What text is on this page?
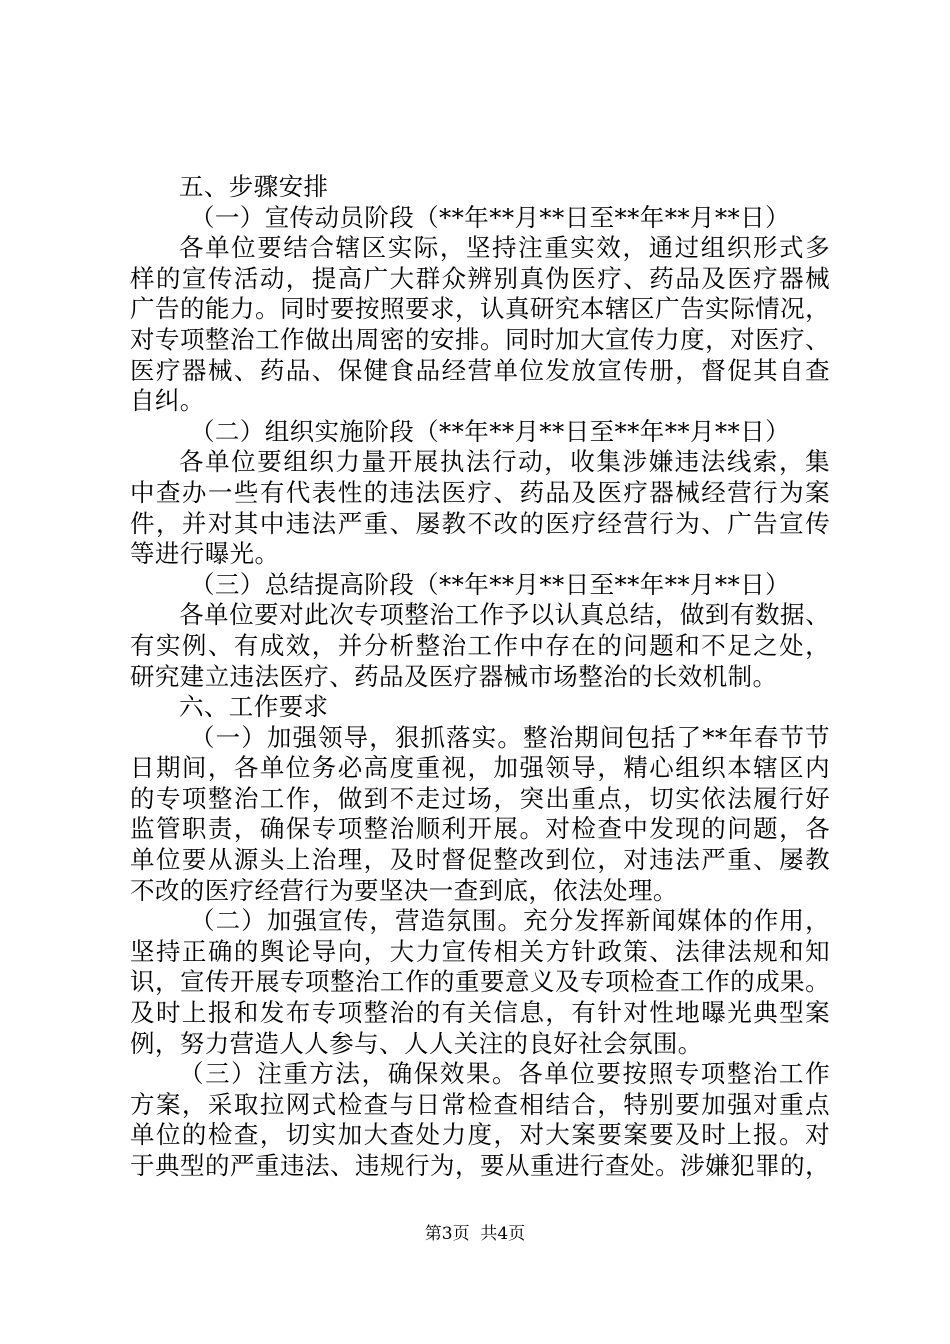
五、步骤安排
（一）宣传动员阶段（**年**月**日至**年**月**日）
各单位要结合辖区实际，坚持注重实效，通过组织形式多
样的宣传活动，提高广大群众辨别真伪医疗、药品及医疗器械
广告的能力。同时要按照要求，认真研究本辖区广告实际情况，
对专项整治工作做出周密的安排。同时加大宣传力度，对医疗、
医疗器械、药品、保健食品经营单位发放宣传册，督促其自查
自纠。
（二）组织实施阶段（**年**月**日至**年**月**日）
各单位要组织力量开展执法行动，收集涉嫌违法线索，集
中查办一些有代表性的违法医疗、药品及医疗器械经营行为案
件，并对其中违法严重、屡教不改的医疗经营行为、广告宣传
等进行曝光。
（三）总结提高阶段（**年**月**日至**年**月**日）
各单位要对此次专项整治工作予以认真总结，做到有数据、
有实例、有成效，并分析整治工作中存在的问题和不足之处，
研究建立违法医疗、药品及医疗器械市场整治的长效机制。
六、工作要求
（一）加强领导，狠抓落实。整治期间包括了**年春节节
日期间，各单位务必高度重视，加强领导，精心组织本辖区内
的专项整治工作，做到不走过场，突出重点，切实依法履行好
监管职责，确保专项整治顺利开展。对检查中发现的问题，各
单位要从源头上治理，及时督促整改到位，对违法严重、屡教
不改的医疗经营行为要坚决一查到底，依法处理。
（二）加强宣传，营造氛围。充分发挥新闻媒体的作用，
坚持正确的舆论导向，大力宣传相关方针政策、法律法规和知
识，宣传开展专项整治工作的重要意义及专项检查工作的成果。
及时上报和发布专项整治的有关信息，有针对性地曝光典型案
例，努力营造人人参与、人人关注的良好社会氛围。
（三）注重方法，确保效果。各单位要按照专项整治工作
方案，采取拉网式检查与日常检查相结合，特别要加强对重点
单位的检查，切实加大查处力度，对大案要案要及时上报。对
于典型的严重违法、违规行为，要从重进行查处。涉嫌犯罪的，
第3页  共4页
